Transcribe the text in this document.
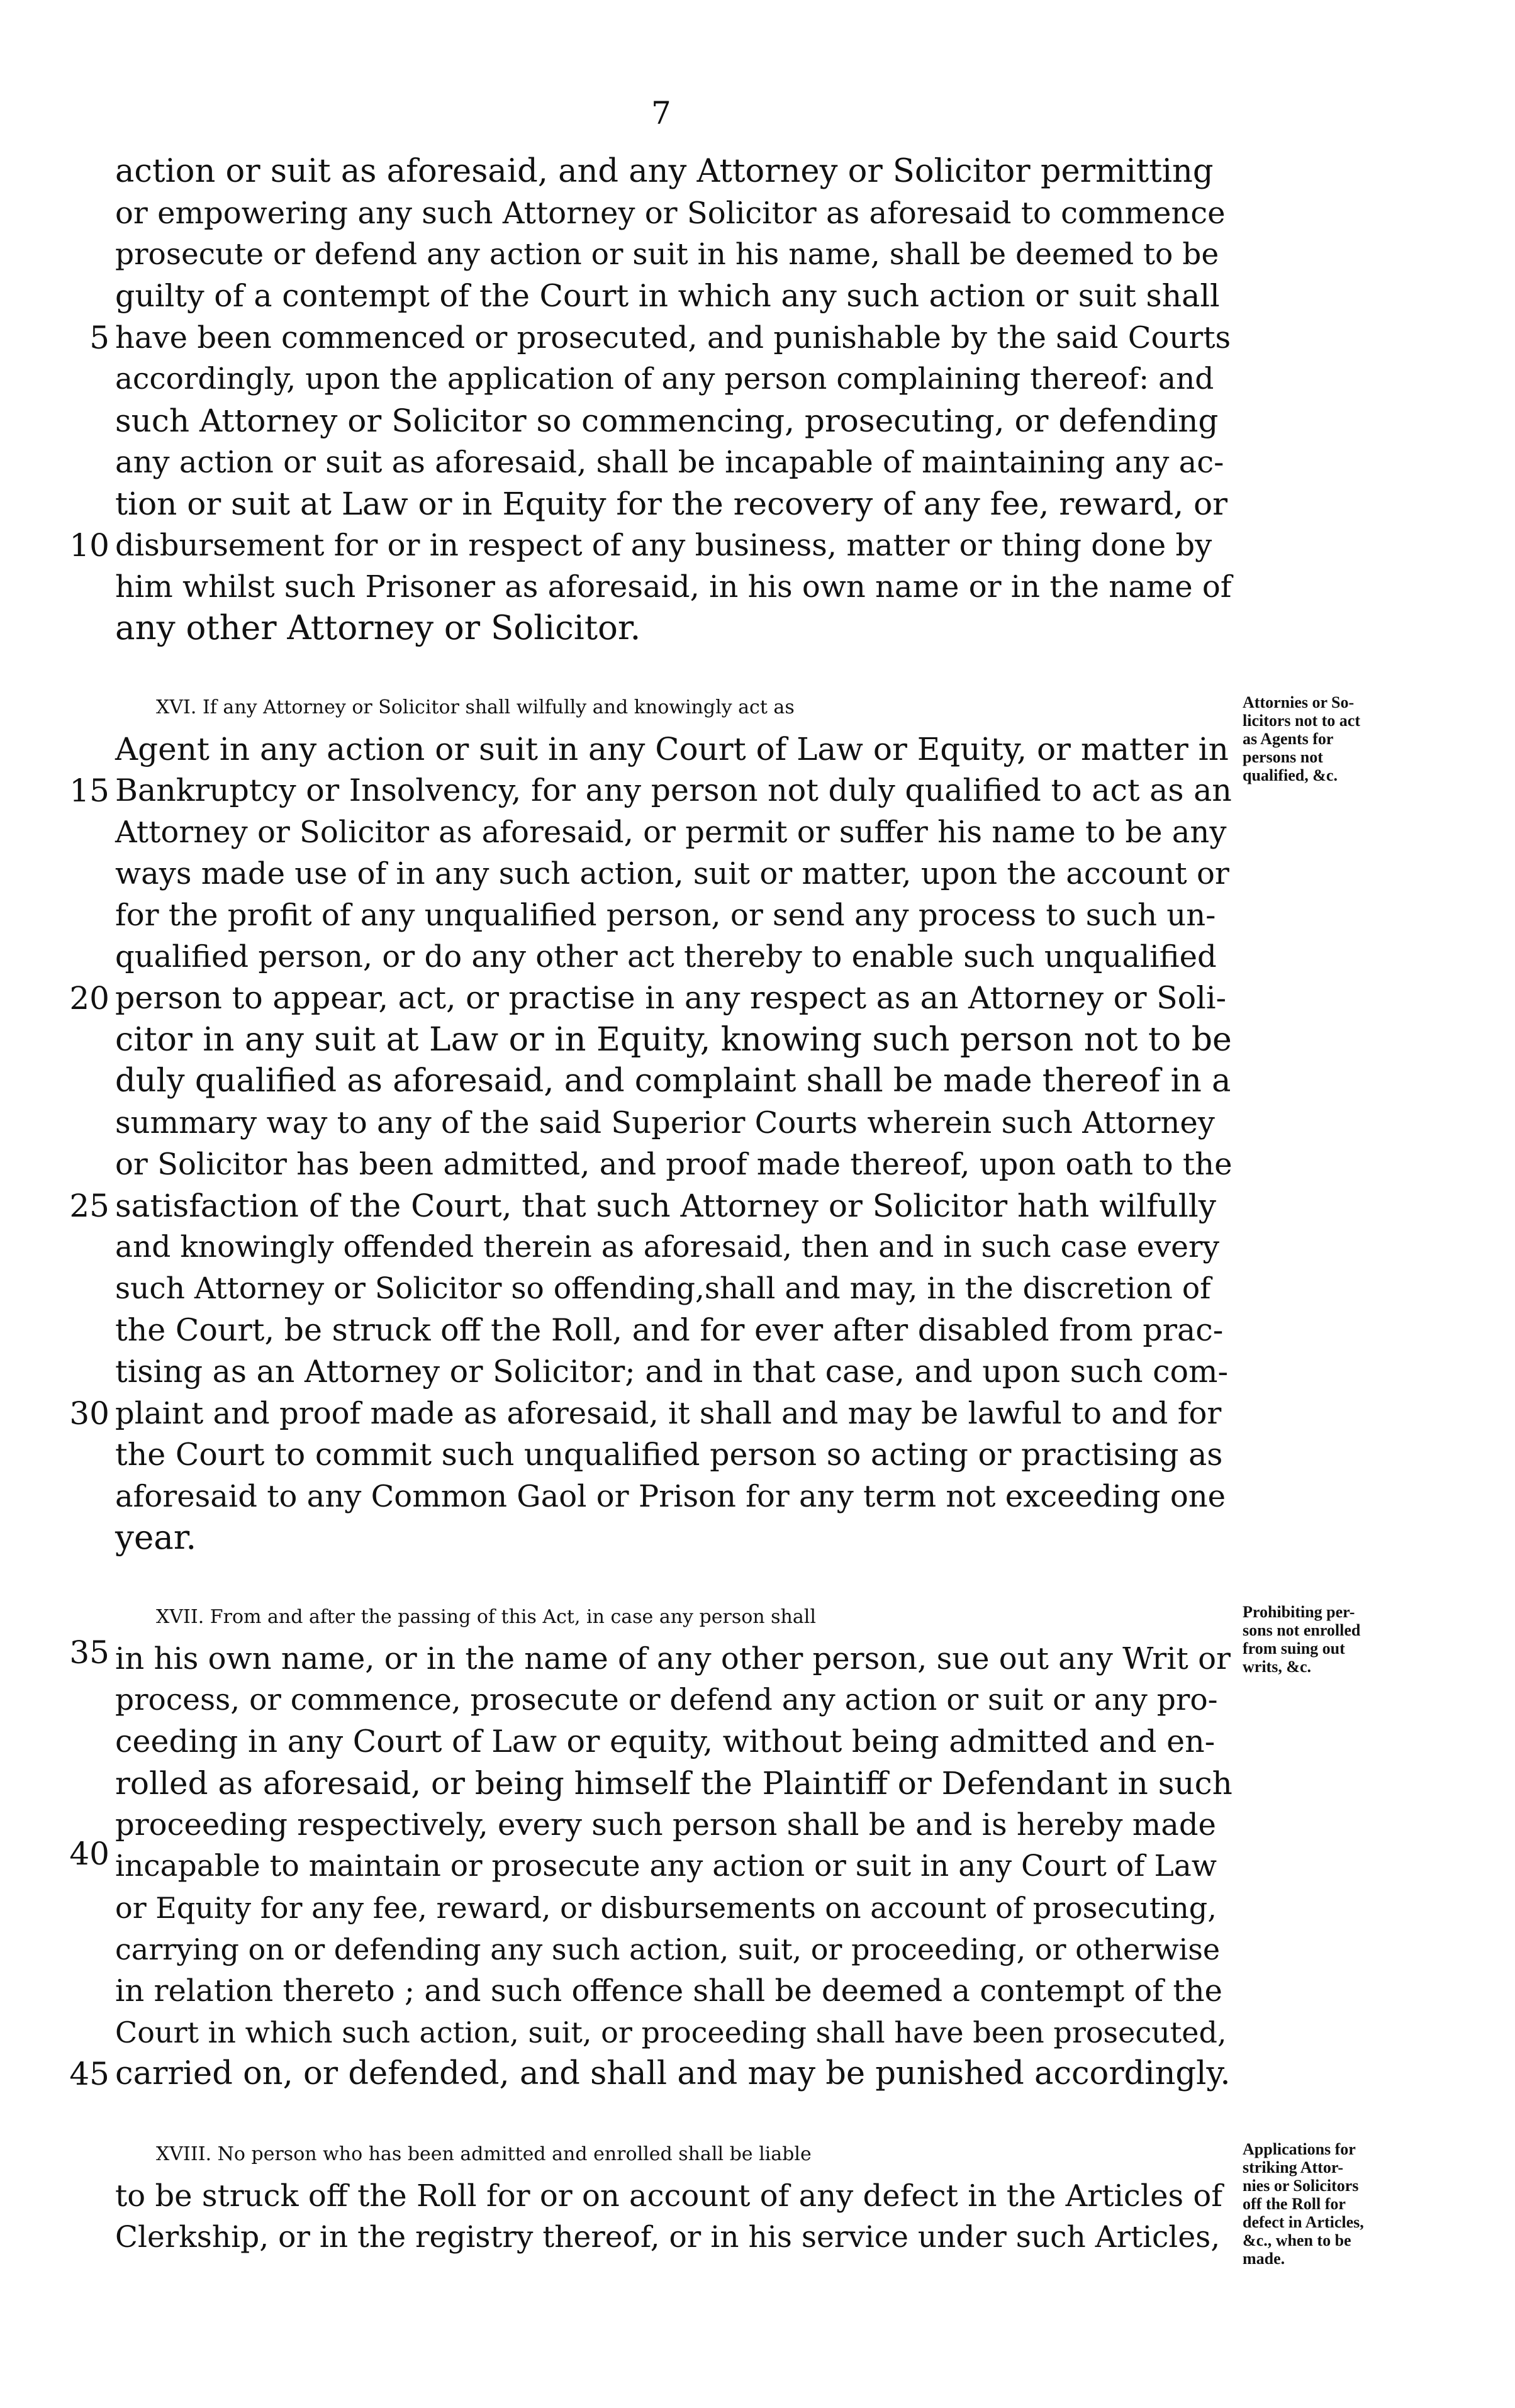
7
action or suit as aforesaid, and any Attorney or Solicitor permitting
or empowering any such Attorney or Solicitor as aforesaid to commence
prosecute or defend any action or suit in his name, shall be deemed to be
guilty of a contempt of the Court in which any such action or suit shall
have been commenced or prosecuted, and punishable by the said Courts
accordingly, upon the application of any person complaining thereof: and
such Attorney or Solicitor so commencing, prosecuting, or defending
any action or suit as aforesaid, shall be incapable of maintaining any ac-
tion or suit at Law or in Equity for the recovery of any fee, reward, or
disbursement for or in respect of any business, matter or thing done by
him whilst such Prisoner as aforesaid, in his own name or in the name of
any other Attorney or Solicitor.
XVI. If any Attorney or Solicitor shall wilfully and knowingly act as
Agent in any action or suit in any Court of Law or Equity, or matter in
Bankruptcy or Insolvency, for any person not duly qualified to act as an
Attorney or Solicitor as aforesaid, or permit or suffer his name to be any
ways made use of in any such action, suit or matter, upon the account or
for the profit of any unqualified person, or send any process to such un-
qualified person, or do any other act thereby to enable such unqualified
person to appear, act, or practise in any respect as an Attorney or Soli-
citor in any suit at Law or in Equity, knowing such person not to be
duly qualified as aforesaid, and complaint shall be made thereof in a
summary way to any of the said Superior Courts wherein such Attorney
or Solicitor has been admitted, and proof made thereof, upon oath to the
satisfaction of the Court, that such Attorney or Solicitor hath wilfully
and knowingly offended therein as aforesaid, then and in such case every
such Attorney or Solicitor so offending,shall and may, in the discretion of
the Court, be struck off the Roll, and for ever after disabled from prac-
tising as an Attorney or Solicitor; and in that case, and upon such com-
plaint and proof made as aforesaid, it shall and may be lawful to and for
the Court to commit such unqualified person so acting or practising as
aforesaid to any Common Gaol or Prison for any term not exceeding one
year.
Attornies or So-
licitors not to act
as Agents for
persons not
qualified, &c.
XVII. From and after the passing of this Act, in case any person shall
in his own name, or in the name of any other person, sue out any Writ or
process, or commence, prosecute or defend any action or suit or any pro-
ceeding in any Court of Law or equity, without being admitted and en-
rolled as aforesaid, or being himself the Plaintiff or Defendant in such
proceeding respectively, every such person shall be and is hereby made
incapable to maintain or prosecute any action or suit in any Court of Law
or Equity for any fee, reward, or disbursements on account of prosecuting,
carrying on or defending any such action, suit, or proceeding, or otherwise
in relation thereto ; and such offence shall be deemed a contempt of the
Court in which such action, suit, or proceeding shall have been prosecuted,
carried on, or defended, and shall and may be punished accordingly.
Prohibiting per-
sons not enrolled
from suing out
writs, &c.
XVIII. No person who has been admitted and enrolled shall be liable
to be struck off the Roll for or on account of any defect in the Articles of
Clerkship, or in the registry thereof, or in his service under such Articles,
Applications for
striking Attor-
nies or Solicitors
off the Roll for
defect in Articles,
&c., when to be
made.
5
10
15
20
25
30
35
40
45
